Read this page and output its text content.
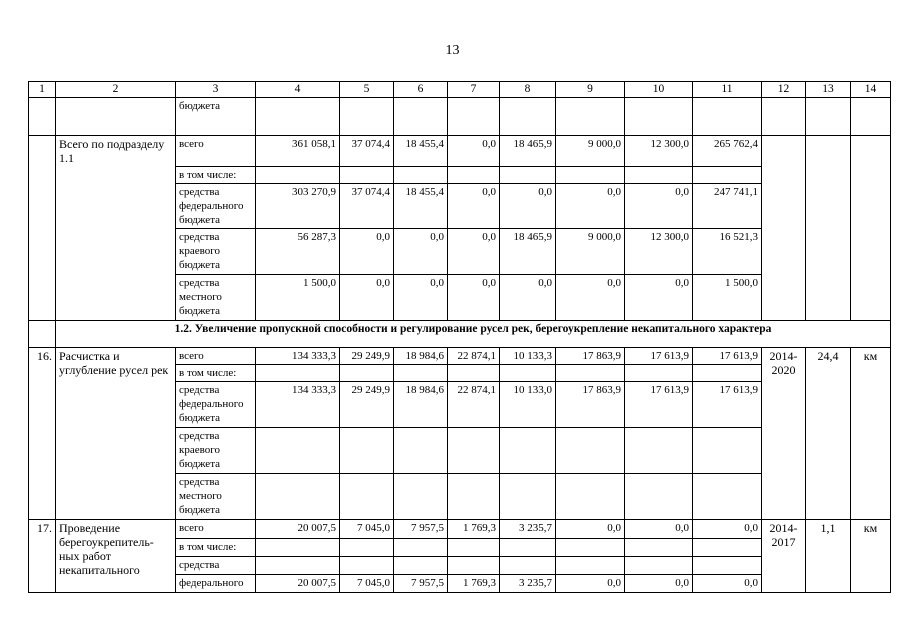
13
1	2	3	4	5	6	7	8	9	10	11	12	13	14
		бюджета											
	Всего по подразделу 1.1	всего	361 058,1	37 074,4	18 455,4	0,0	18 465,9	9 000,0	12 300,0	265 762,4			
		в том числе:											
		средства федерального бюджета	303 270,9	37 074,4	18 455,4	0,0	0,0	0,0	0,0	247 741,1			
		средства краевого бюджета	56 287,3	0,0	0,0	0,0	18 465,9	9 000,0	12 300,0	16 521,3			
		средства местного бюджета	1 500,0	0,0	0,0	0,0	0,0	0,0	0,0	1 500,0			
	1.2. Увеличение пропускной способности и регулирование русел рек, берегоукрепление некапитального характера												
16.	Расчистка и углубление русел рек	всего	134 333,3	29 249,9	18 984,6	22 874,1	10 133,3	17 863,9	17 613,9	17 613,9	2014-2020	24,4	км
		в том числе:											
		средства федерального бюджета	134 333,3	29 249,9	18 984,6	22 874,1	10 133,0	17 863,9	17 613,9	17 613,9			
		средства краевого бюджета											
		средства местного бюджета											
17.	Проведение берегоукрепитель-ных работ некапитального	всего	20 007,5	7 045,0	7 957,5	1 769,3	3 235,7	0,0	0,0	0,0	2014-2017	1,1	км
		в том числе:											
		средства											
		федерального	20 007,5	7 045,0	7 957,5	1 769,3	3 235,7	0,0	0,0	0,0			
